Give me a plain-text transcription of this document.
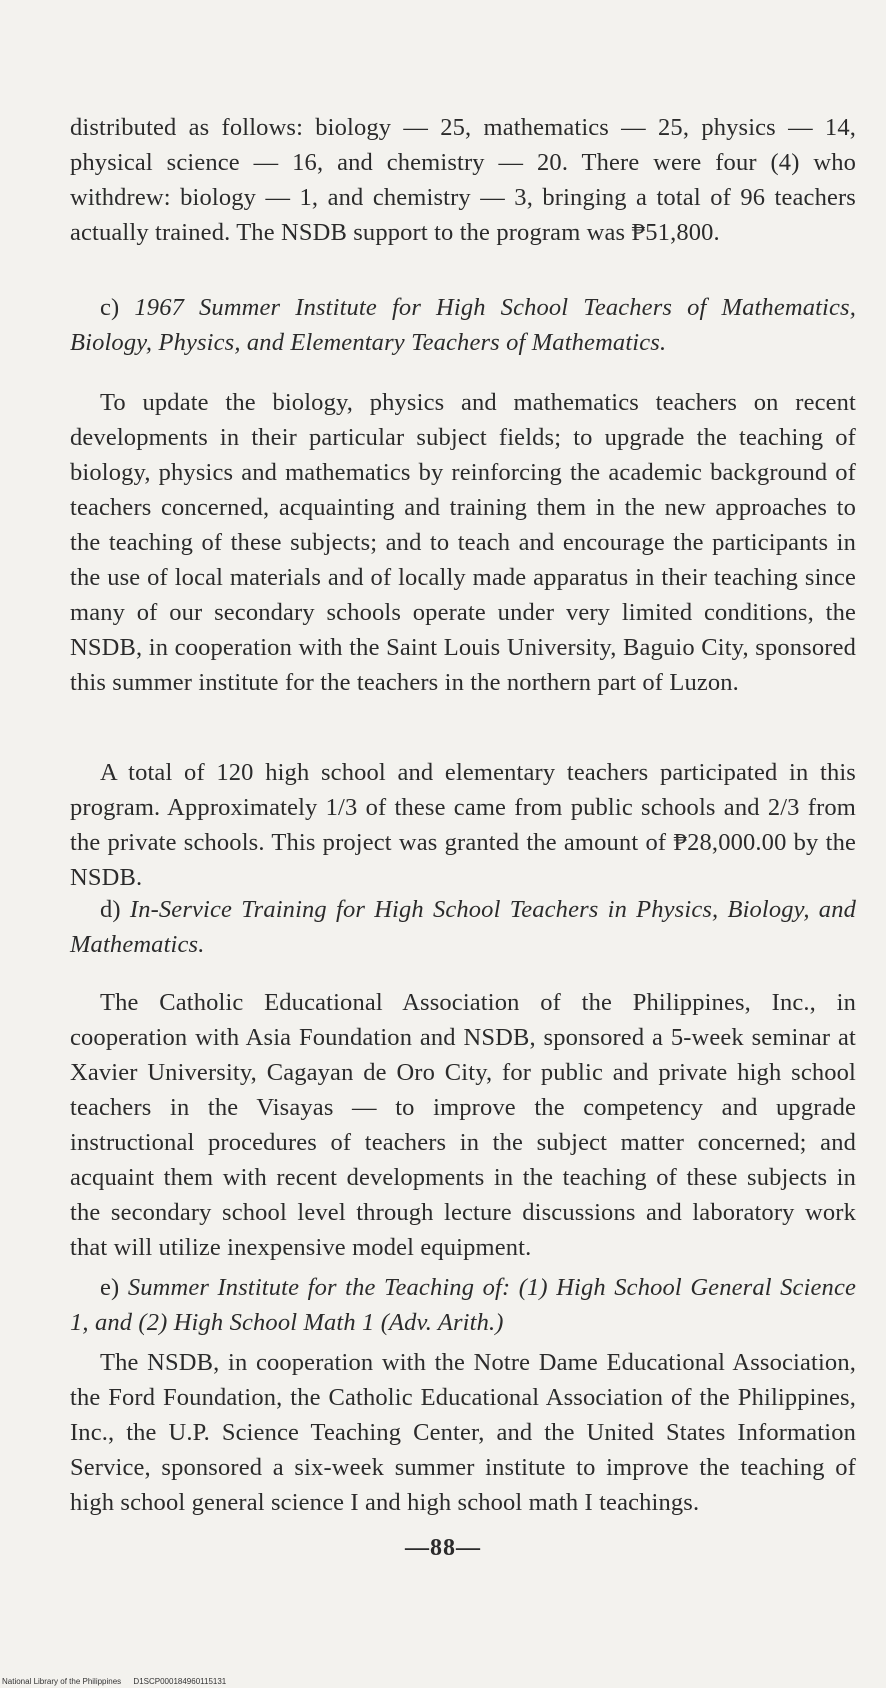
distributed as follows: biology — 25, mathematics — 25, physics — 14, physical science — 16, and chemistry — 20. There were four (4) who withdrew: biology — 1, and chemistry — 3, bringing a total of 96 teachers actually trained. The NSDB support to the program was ₱51,800.

c) 1967 Summer Institute for High School Teachers of Mathematics, Biology, Physics, and Elementary Teachers of Mathematics.

To update the biology, physics and mathematics teachers on recent developments in their particular subject fields; to upgrade the teaching of biology, physics and mathematics by reinforcing the academic background of teachers concerned, acquainting and training them in the new approaches to the teaching of these subjects; and to teach and encourage the participants in the use of local materials and of locally made apparatus in their teaching since many of our secondary schools operate under very limited conditions, the NSDB, in cooperation with the Saint Louis University, Baguio City, sponsored this summer institute for the teachers in the northern part of Luzon.

A total of 120 high school and elementary teachers participated in this program. Approximately 1/3 of these came from public schools and 2/3 from the private schools. This project was granted the amount of ₱28,000.00 by the NSDB.

d) In-Service Training for High School Teachers in Physics, Biology, and Mathematics.

The Catholic Educational Association of the Philippines, Inc., in cooperation with Asia Foundation and NSDB, sponsored a 5-week seminar at Xavier University, Cagayan de Oro City, for public and private high school teachers in the Visayas — to improve the competency and upgrade instructional procedures of teachers in the subject matter concerned; and acquaint them with recent developments in the teaching of these subjects in the secondary school level through lecture discussions and laboratory work that will utilize inexpensive model equipment.

e) Summer Institute for the Teaching of: (1) High School General Science 1, and (2) High School Math 1 (Adv. Arith.)

The NSDB, in cooperation with the Notre Dame Educational Association, the Ford Foundation, the Catholic Educational Association of the Philippines, Inc., the U.P. Science Teaching Center, and the United States Information Service, sponsored a six-week summer institute to improve the teaching of high school general science I and high school math I teachings.

—88—
National Library of the Philippines D1SCP000184960115131
